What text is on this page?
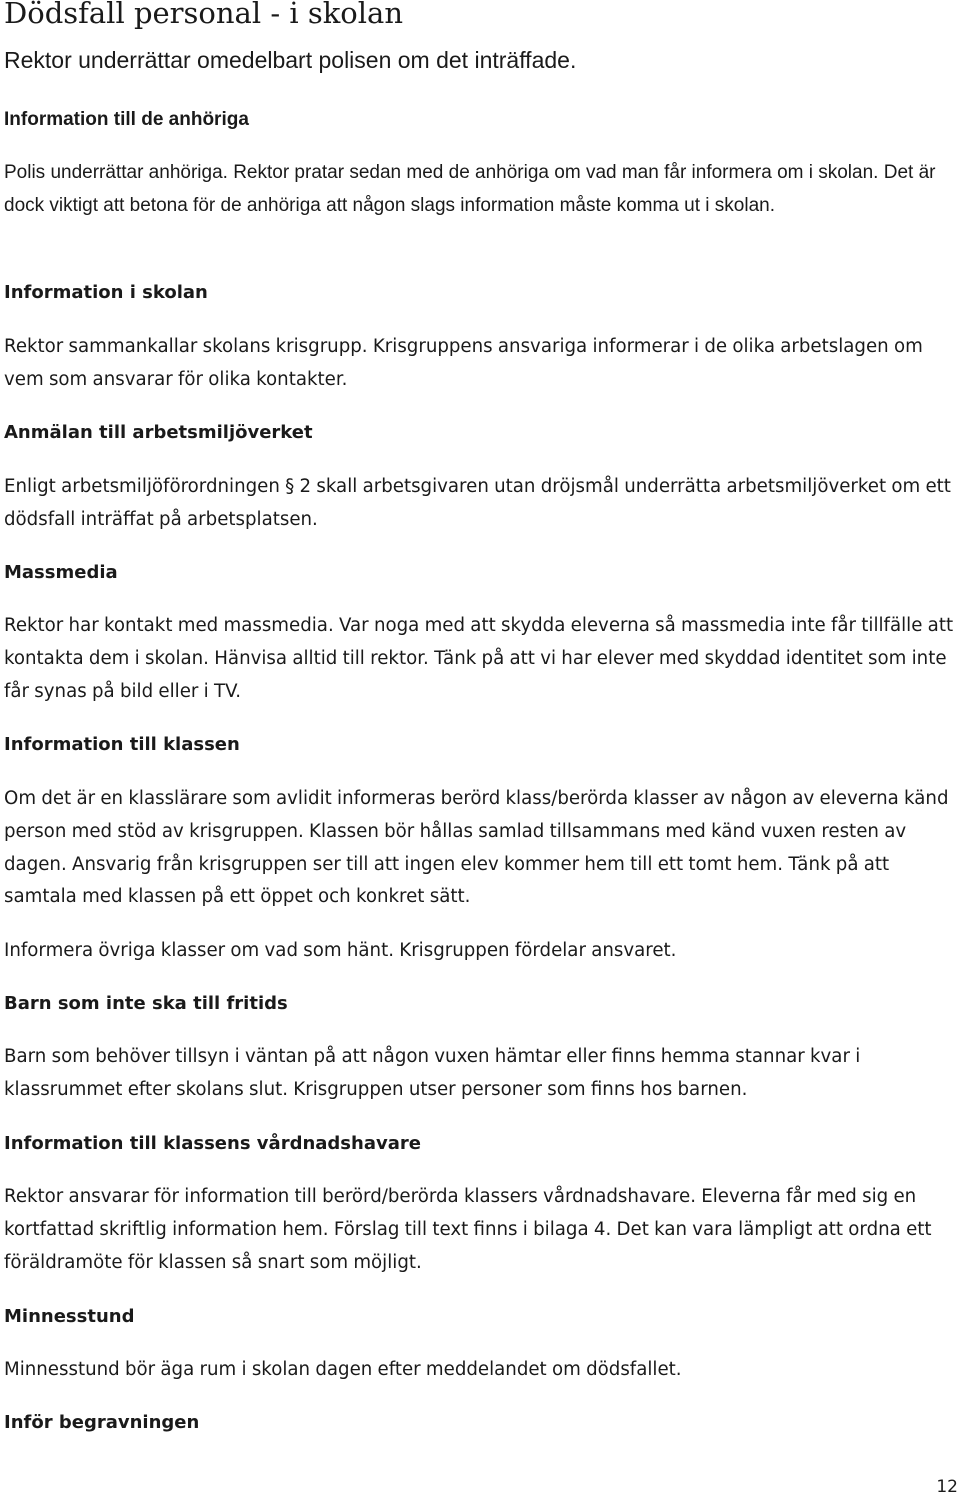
Dödsfall personal - i skolan
Rektor underrättar omedelbart polisen om det inträffade.
Information till de anhöriga
Polis underrättar anhöriga. Rektor pratar sedan med de anhöriga om vad man får informera om i skolan. Det är dock viktigt att betona för de anhöriga att någon slags information måste komma ut i skolan.
Information i skolan
Rektor sammankallar skolans krisgrupp. Krisgruppens ansvariga informerar i de olika arbetslagen om vem som ansvarar för olika kontakter.
Anmälan till arbetsmiljöverket
Enligt arbetsmiljöförordningen § 2 skall arbetsgivaren utan dröjsmål underrätta arbetsmiljöverket om ett dödsfall inträffat på arbetsplatsen.
Massmedia
Rektor har kontakt med massmedia. Var noga med att skydda eleverna så massmedia inte får tillfälle att kontakta dem i skolan. Hänvisa alltid till rektor. Tänk på att vi har elever med skyddad identitet som inte får synas på bild eller i TV.
Information till klassen
Om det är en klasslärare som avlidit informeras berörd klass/berörda klasser av någon av eleverna känd person med stöd av krisgruppen. Klassen bör hållas samlad tillsammans med känd vuxen resten av dagen. Ansvarig från krisgruppen ser till att ingen elev kommer hem till ett tomt hem. Tänk på att samtala med klassen på ett öppet och konkret sätt.
Informera övriga klasser om vad som hänt. Krisgruppen fördelar ansvaret.
Barn som inte ska till fritids
Barn som behöver tillsyn i väntan på att någon vuxen hämtar eller finns hemma stannar kvar i klassrummet efter skolans slut. Krisgruppen utser personer som finns hos barnen.
Information till klassens vårdnadshavare
Rektor ansvarar för information till berörd/berörda klassers vårdnadshavare. Eleverna får med sig en kortfattad skriftlig information hem. Förslag till text finns i bilaga 4. Det kan vara lämpligt att ordna ett föräldramöte för klassen så snart som möjligt.
Minnesstund
Minnesstund bör äga rum i skolan dagen efter meddelandet om dödsfallet.
Inför begravningen
12
